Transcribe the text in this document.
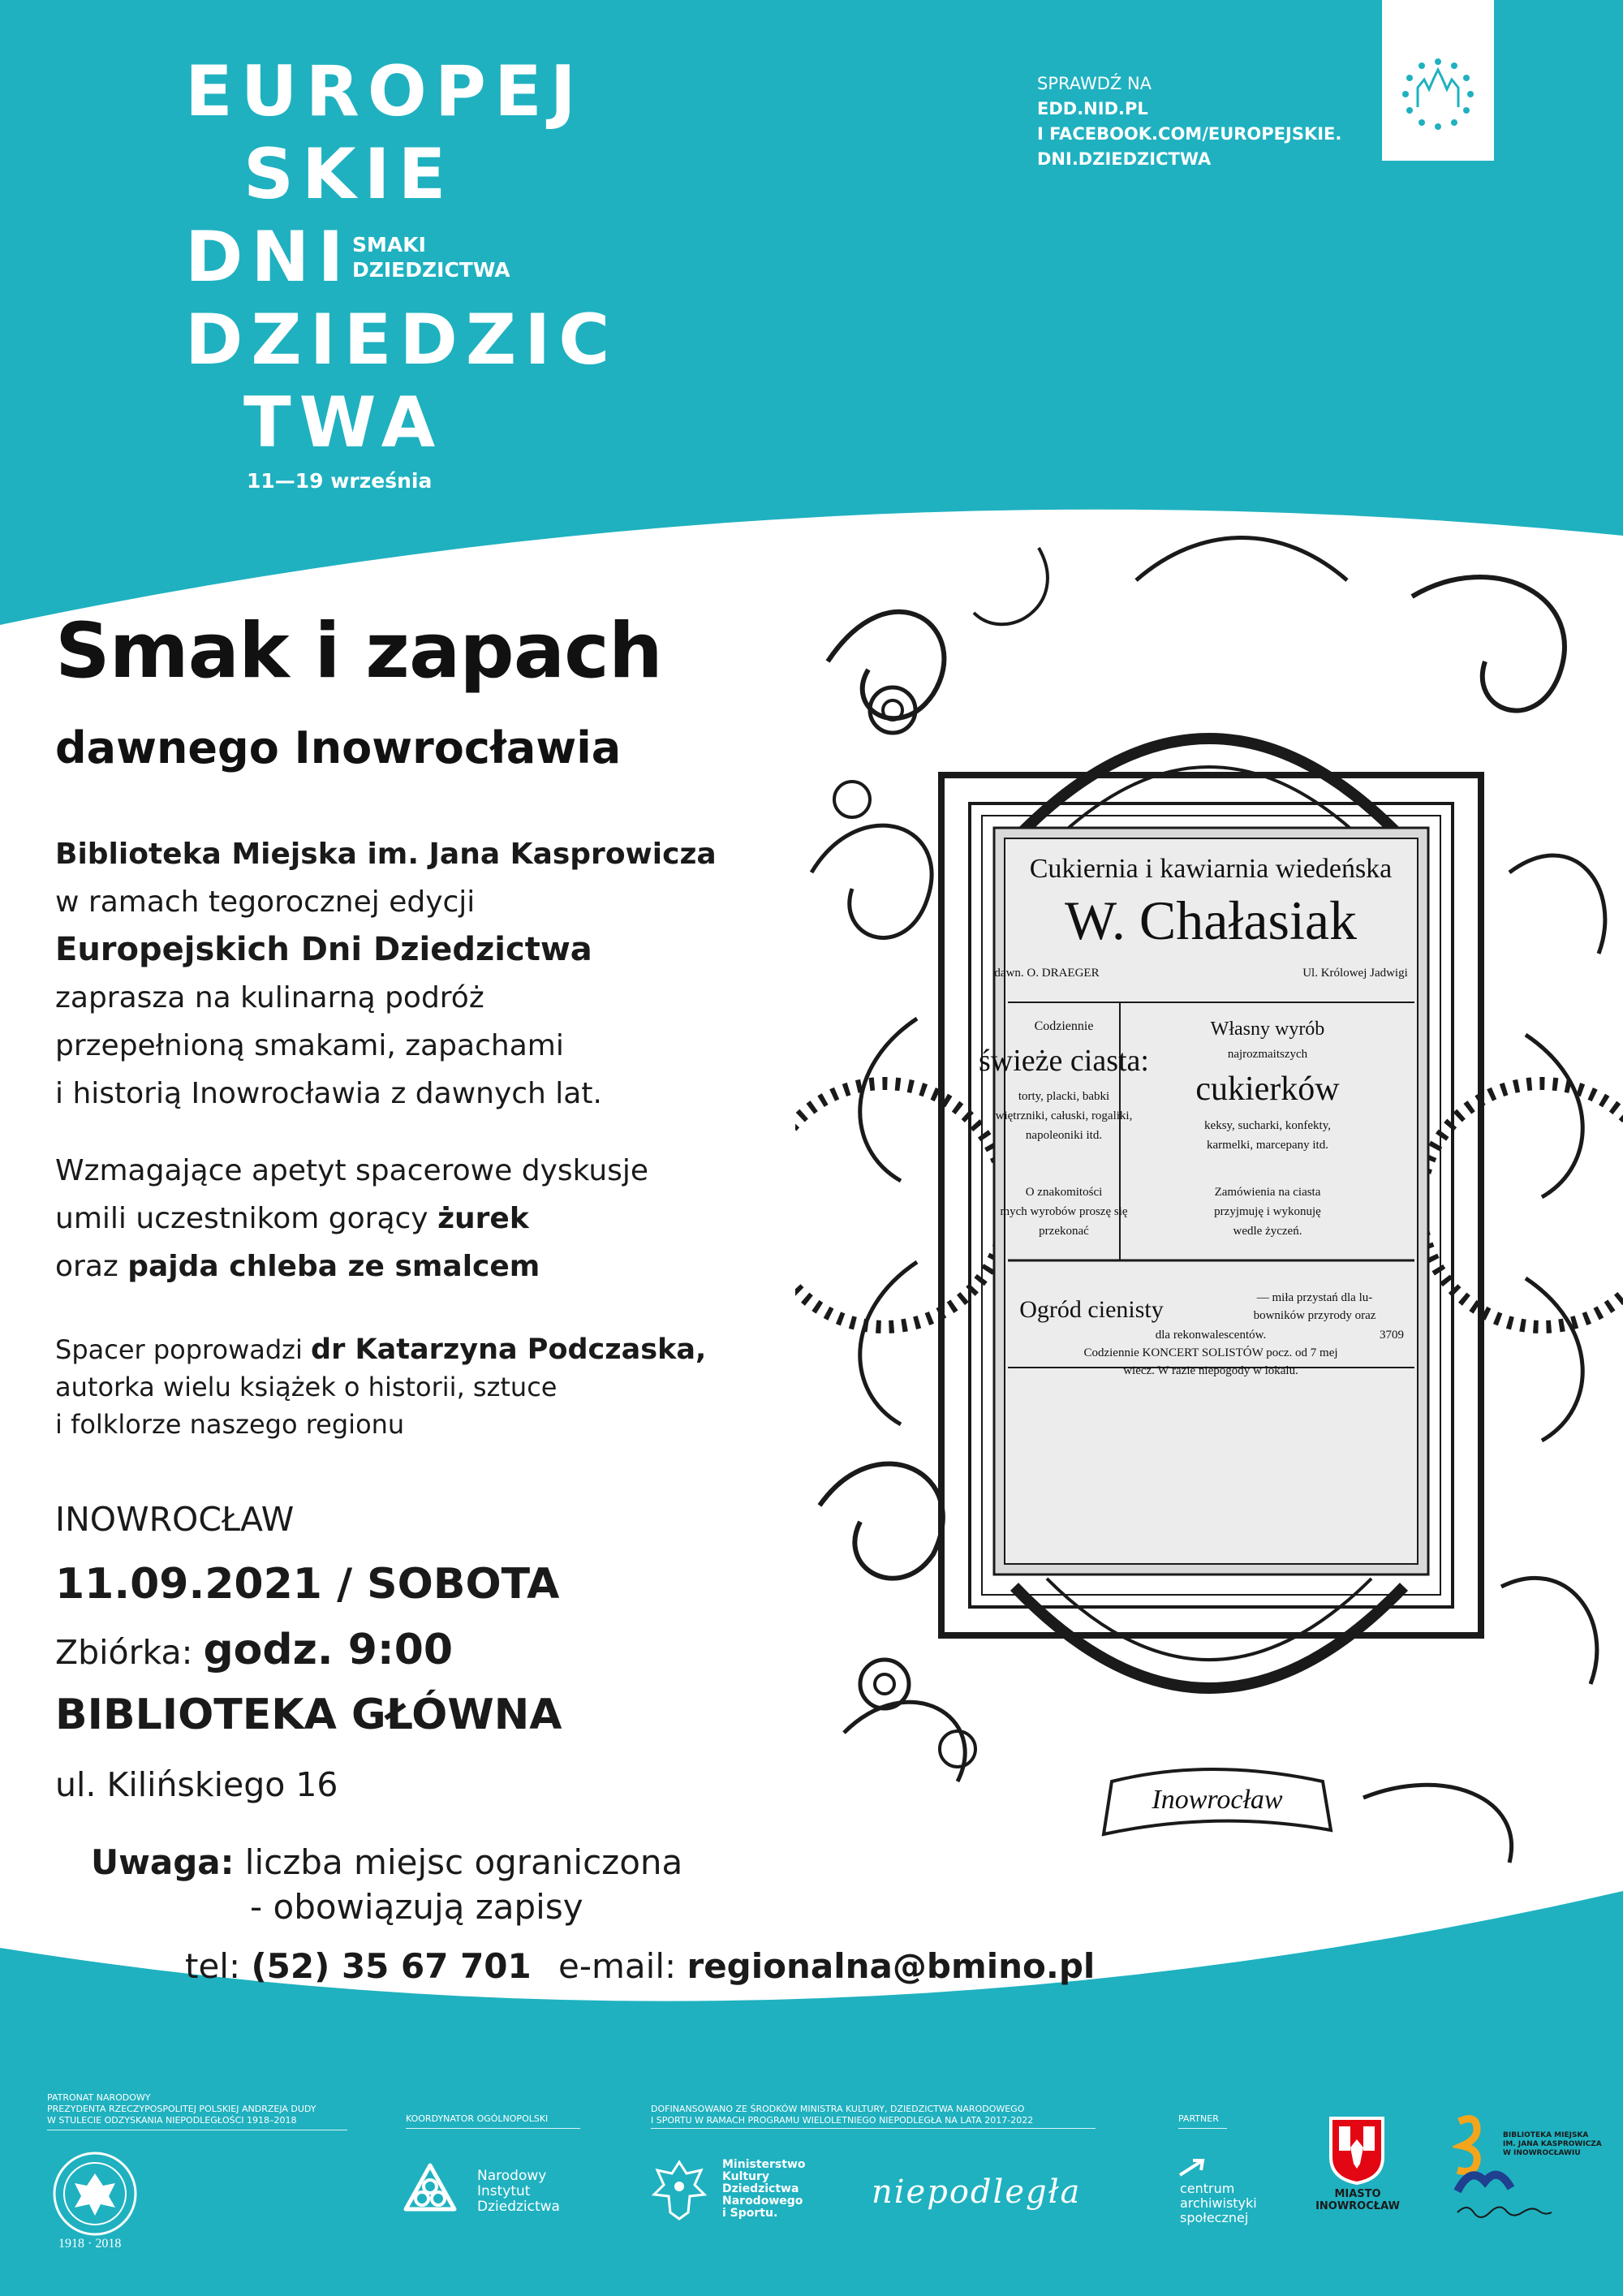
EUROPEJ
SKIE
DNI SMAKI
DZIEDZICTWA
DZIEDZIC
TWA
11—19 września
SPRAWDŹ NA
EDD.NID.PL
I FACEBOOK.COM/EUROPEJSKIE.
DNI.DZIEDZICTWA
Smak i zapach
dawnego Inowrocławia
Biblioteka Miejska im. Jana Kasprowicza
w ramach tegorocznej edycji
Europejskich Dni Dziedzictwa
zaprasza na kulinarną podróż
przepełnioną smakami, zapachami
i historią Inowrocławia z dawnych lat.
Wzmagające apetyt spacerowe dyskusje
umili uczestnikom gorący żurek
oraz pajda chleba ze smalcem
Spacer poprowadzi dr Katarzyna Podczaska,
autorka wielu książek o historii, sztuce
i folklorze naszego regionu
INOWROCŁAW
11.09.2021 / SOBOTA
Zbiórka: godz. 9:00
BIBLIOTEKA GŁÓWNA
ul. Kilińskiego 16
Uwaga: liczba miejsc ograniczona
- obowiązują zapisy
tel: (52) 35 67 701 e-mail: regionalna@bmino.pl
Cukiernia i kawiarnia wiedeńska
W. Chałasiak
dawn. O. DRAEGER	Ul. Królowej Jadwigi
Codziennie
świeże ciasta:
torty, placki, babki
więtrzniki, całuski, rogaliki,
napoleoniki itd.
O znakomitości
mych wyrobów proszę się
przekonać
Własny wyrób
najrozmaitszych
cukierków
keksy, sucharki, konfekty,
karmelki, marcepany itd.
Zamówienia na ciasta
przyjmuję i wykonuję
wedle życzeń.
Ogród cienisty	— miła przystań dla lu-
bowników przyrody oraz
dla rekonwalescentów.	3709
Codziennie KONCERT SOLISTÓW pocz. od 7 mej
wiecz. W razie niepogody w lokalu.
Inowrocław
PATRONAT NARODOWY
PREZYDENTA RZECZYPOSPOLITEJ POLSKIEJ ANDRZEJA DUDY
W STULECIE ODZYSKANIA NIEPODLEGŁOŚCI 1918–2018
1918 · 2018
KOORDYNATOR OGÓLNOPOLSKI
Narodowy
Instytut
Dziedzictwa
DOFINANSOWANO ZE ŚRODKÓW MINISTRA KULTURY, DZIEDZICTWA NARODOWEGO
I SPORTU W RAMACH PROGRAMU WIELOLETNIEGO NIEPODLEGŁA NA LATA 2017-2022
Ministerstwo
Kultury
Dziedzictwa
Narodowego
i Sportu.
niepodległa
PARTNER
centrum
archiwistyki
społecznej
MIASTO
INOWROCŁAW
BIBLIOTEKA MIEJSKA
IM. JANA KASPROWICZA
W INOWROCŁAWIU
